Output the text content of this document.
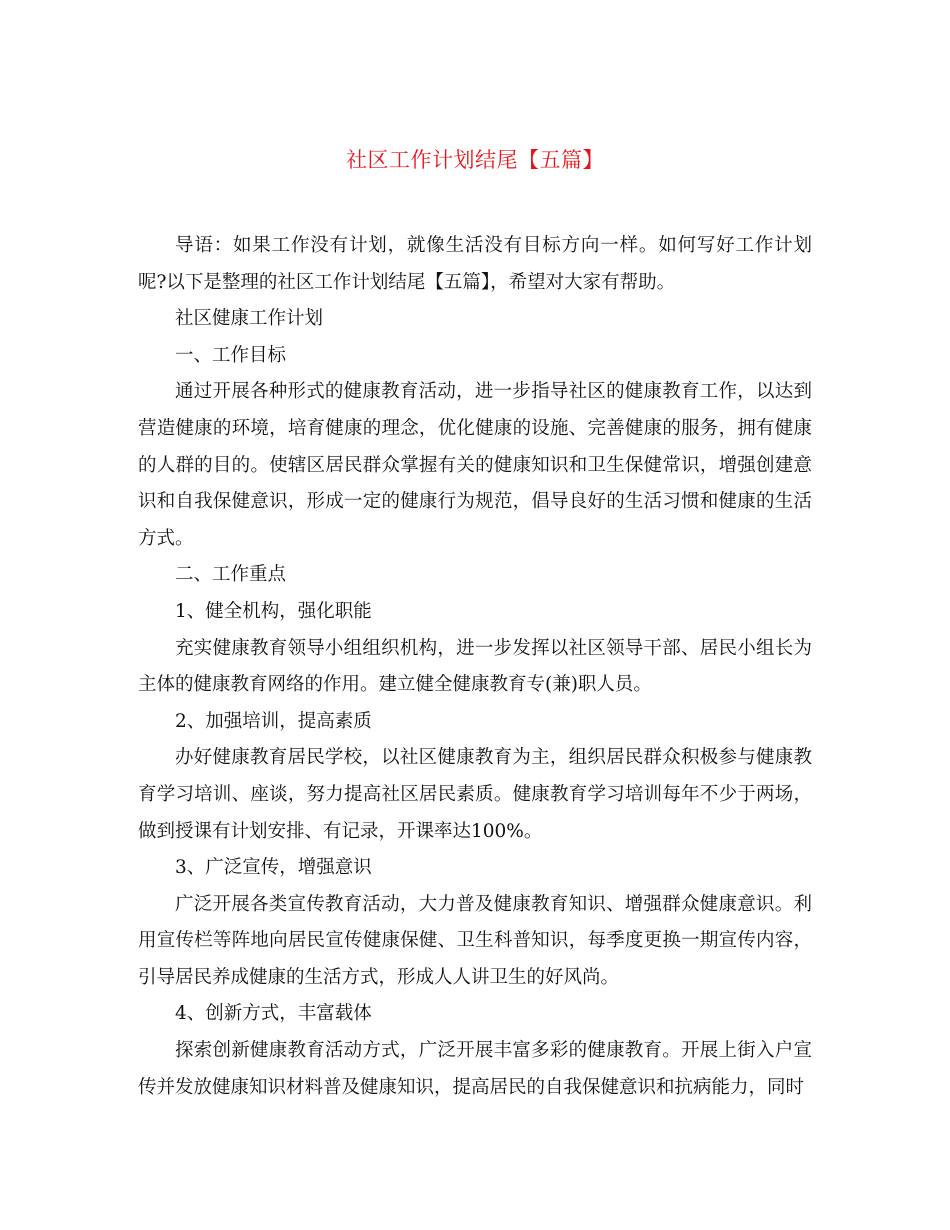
社区工作计划结尾【五篇】

导语：如果工作没有计划，就像生活没有目标方向一样。如何写好工作计划呢?以下是整理的社区工作计划结尾【五篇】，希望对大家有帮助。

社区健康工作计划

一、工作目标

通过开展各种形式的健康教育活动，进一步指导社区的健康教育工作，以达到营造健康的环境，培育健康的理念，优化健康的设施、完善健康的服务，拥有健康的人群的目的。使辖区居民群众掌握有关的健康知识和卫生保健常识，增强创建意识和自我保健意识，形成一定的健康行为规范，倡导良好的生活习惯和健康的生活方式。

二、工作重点

1、健全机构，强化职能

充实健康教育领导小组组织机构，进一步发挥以社区领导干部、居民小组长为主体的健康教育网络的作用。建立健全健康教育专(兼)职人员。

2、加强培训，提高素质

办好健康教育居民学校，以社区健康教育为主，组织居民群众积极参与健康教育学习培训、座谈，努力提高社区居民素质。健康教育学习培训每年不少于两场，做到授课有计划安排、有记录，开课率达100%。

3、广泛宣传，增强意识

广泛开展各类宣传教育活动，大力普及健康教育知识、增强群众健康意识。利用宣传栏等阵地向居民宣传健康保健、卫生科普知识，每季度更换一期宣传内容，引导居民养成健康的生活方式，形成人人讲卫生的好风尚。

4、创新方式，丰富载体

探索创新健康教育活动方式，广泛开展丰富多彩的健康教育。开展上街入户宣传并发放健康知识材料普及健康知识，提高居民的自我保健意识和抗病能力，同时
